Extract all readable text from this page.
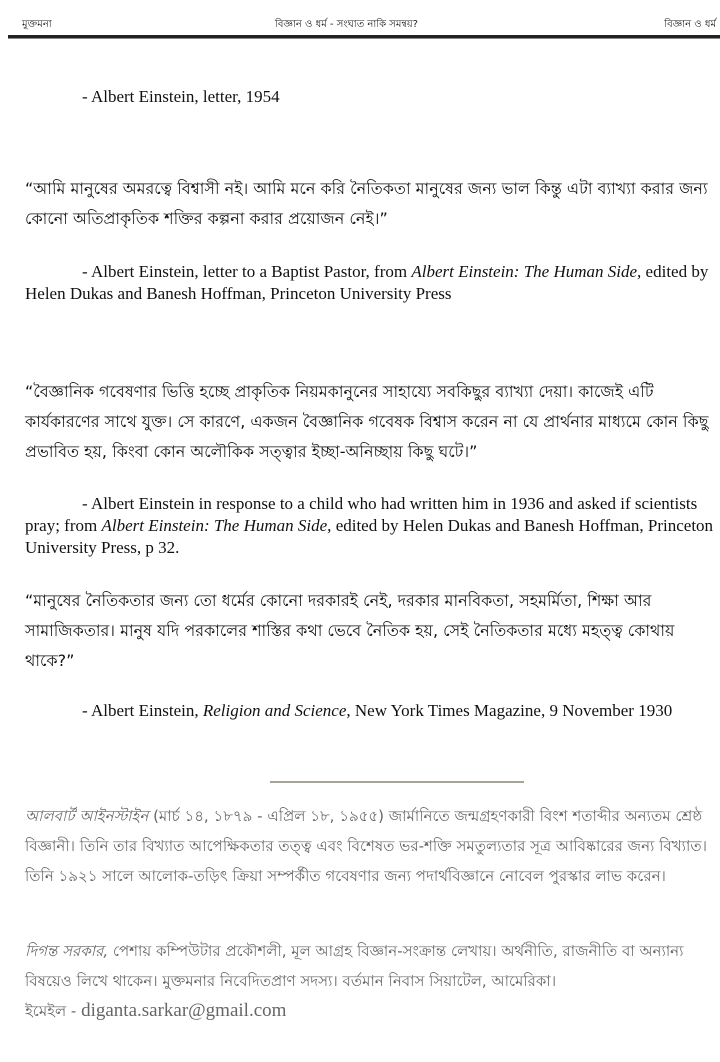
মুক্তমনা	বিজ্ঞান ও ধর্ম - সংঘাত নাকি সমন্বয়?	বিজ্ঞান ও ধর্ম
- Albert Einstein, letter, 1954
“আমি মানুষের অমরত্বে বিশ্বাসী নই। আমি মনে করি নৈতিকতা মানুষের জন্য ভাল কিন্তু এটা ব্যাখ্যা করার জন্য কোনো অতিপ্রাকৃতিক শক্তির কল্পনা করার প্রয়োজন নেই।”
- Albert Einstein, letter to a Baptist Pastor, from Albert Einstein: The Human Side, edited by Helen Dukas and Banesh Hoffman, Princeton University Press
“বৈজ্ঞানিক গবেষণার ভিত্তি হচ্ছে প্রাকৃতিক নিয়মকানুনের সাহায্যে সবকিছুর ব্যাখ্যা দেয়া। কাজেই এটি কার্যকারণের সাথে যুক্ত। সে কারণে, একজন বৈজ্ঞানিক গবেষক বিশ্বাস করেন না যে প্রার্থনার মাধ্যমে কোন কিছু প্রভাবিত হয়, কিংবা কোন অলৌকিক সত্ত্বার ইচ্ছা-অনিচ্ছায় কিছু ঘটে।”
- Albert Einstein in response to a child who had written him in 1936 and asked if scientists pray; from Albert Einstein: The Human Side, edited by Helen Dukas and Banesh Hoffman, Princeton University Press, p 32.
“মানুষের নৈতিকতার জন্য তো ধর্মের কোনো দরকারই নেই, দরকার মানবিকতা, সহমর্মিতা, শিক্ষা আর সামাজিকতার। মানুষ যদি পরকালের শাস্তির কথা ভেবে নৈতিক হয়, সেই নৈতিকতার মধ্যে মহত্ত্ব কোথায় থাকে?”
- Albert Einstein, Religion and Science, New York Times Magazine, 9 November 1930
আলবার্ট আইনস্টাইন (মার্চ ১৪, ১৮৭৯ - এপ্রিল ১৮, ১৯৫৫) জার্মানিতে জন্মগ্রহণকারী বিংশ শতাব্দীর অন্যতম শ্রেষ্ঠ বিজ্ঞানী। তিনি তার বিখ্যাত আপেক্ষিকতার তত্ত্ব এবং বিশেষত ভর-শক্তি সমতুল্যতার সূত্র আবিষ্কারের জন্য বিখ্যাত। তিনি ১৯২১ সালে আলোক-তড়িৎ ক্রিয়া সম্পর্কীত গবেষণার জন্য পদার্থবিজ্ঞানে নোবেল পুরস্কার লাভ করেন।
দিগন্ত সরকার, পেশায় কম্পিউটার প্রকৌশলী, মূল আগ্রহ বিজ্ঞান-সংক্রান্ত লেখায়। অর্থনীতি, রাজনীতি বা অন্যান্য বিষয়েও লিখে থাকেন। মুক্তমনার নিবেদিতপ্রাণ সদস্য। বর্তমান নিবাস সিয়াটেল, আমেরিকা।
ইমেইল - diganta.sarkar@gmail.com
